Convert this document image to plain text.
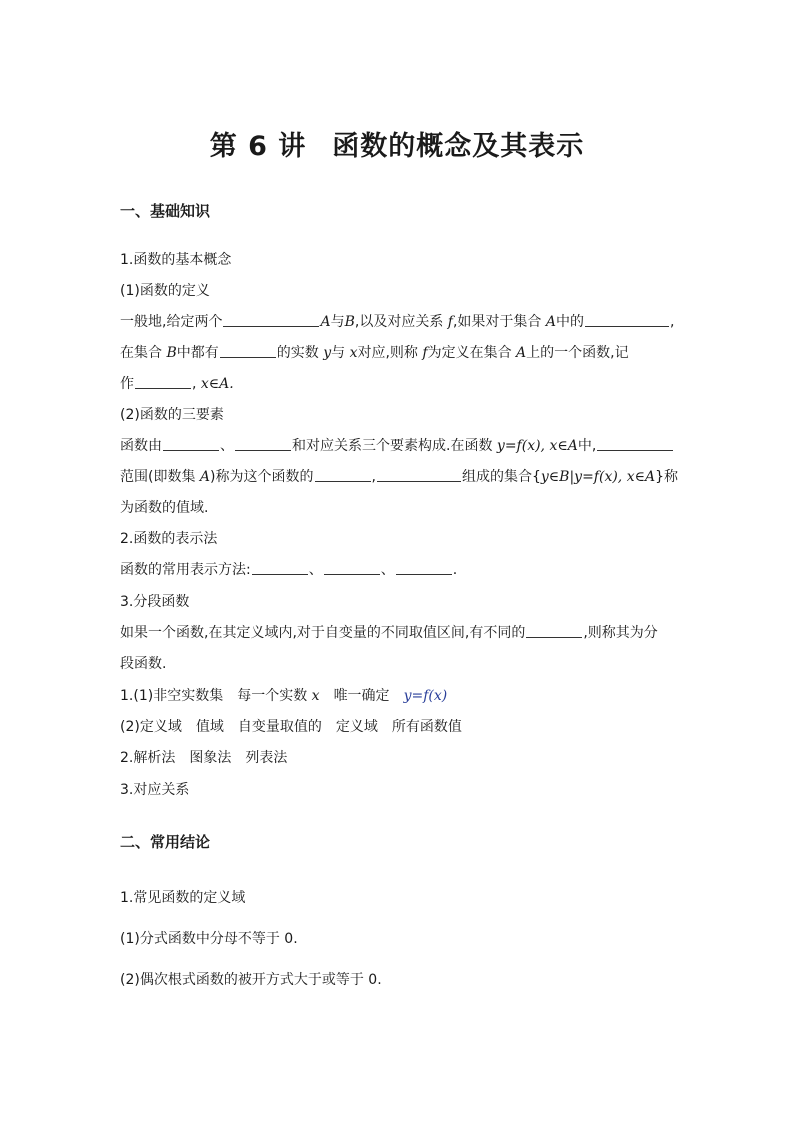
第 6 讲 函数的概念及其表示
一、基础知识
1.函数的基本概念
(1)函数的定义
一般地,给定两个	A与B,以及对应关系 f,如果对于集合 A中的	,
在集合 B中都有	的实数 y与 x对应,则称 f为定义在集合 A上的一个函数,记
作	, x∈A.
(2)函数的三要素
函数由	、	和对应关系三个要素构成.在函数 y=f(x), x∈A中,
范围(即数集 A)称为这个函数的	,	组成的集合{y∈B|y=f(x), x∈A}称
为函数的值域.
2.函数的表示法
函数的常用表示方法:	、	、	.
3.分段函数
如果一个函数,在其定义域内,对于自变量的不同取值区间,有不同的	,则称其为分
段函数.
1.(1)非空实数集 每一个实数 x 唯一确定 y=f(x)
(2)定义域 值域 自变量取值的 定义域 所有函数值
2.解析法 图象法 列表法
3.对应关系
二、常用结论
1.常见函数的定义域
(1)分式函数中分母不等于 0.
(2)偶次根式函数的被开方式大于或等于 0.
